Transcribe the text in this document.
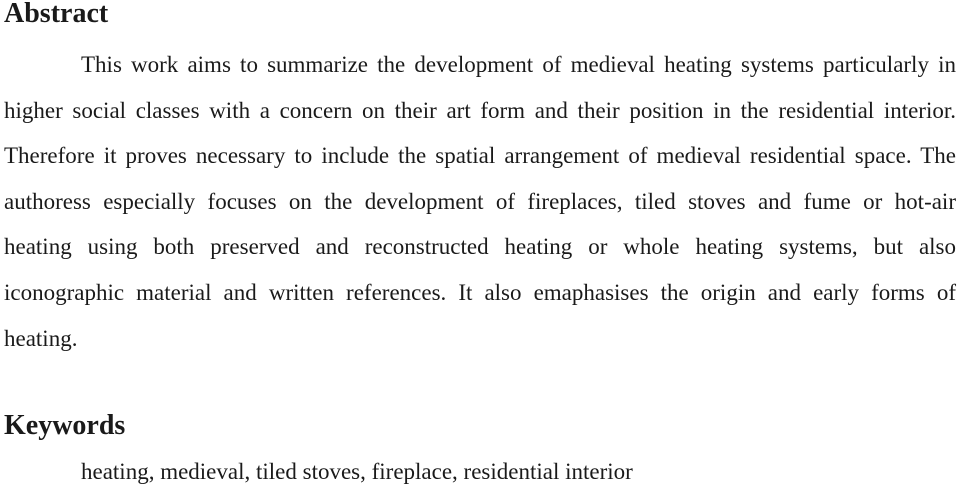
Abstract

This work aims to summarize the development of medieval heating systems particularly in higher social classes with a concern on their art form and their position in the residential interior. Therefore it proves necessary to include the spatial arrangement of medieval residential space. The authoress especially focuses on the development of fireplaces, tiled stoves and fume or hot-air heating using both preserved and reconstructed heating or whole heating systems, but also iconographic material and written references. It also emaphasises the origin and early forms of heating.

Keywords

heating, medieval, tiled stoves, fireplace, residential interior
